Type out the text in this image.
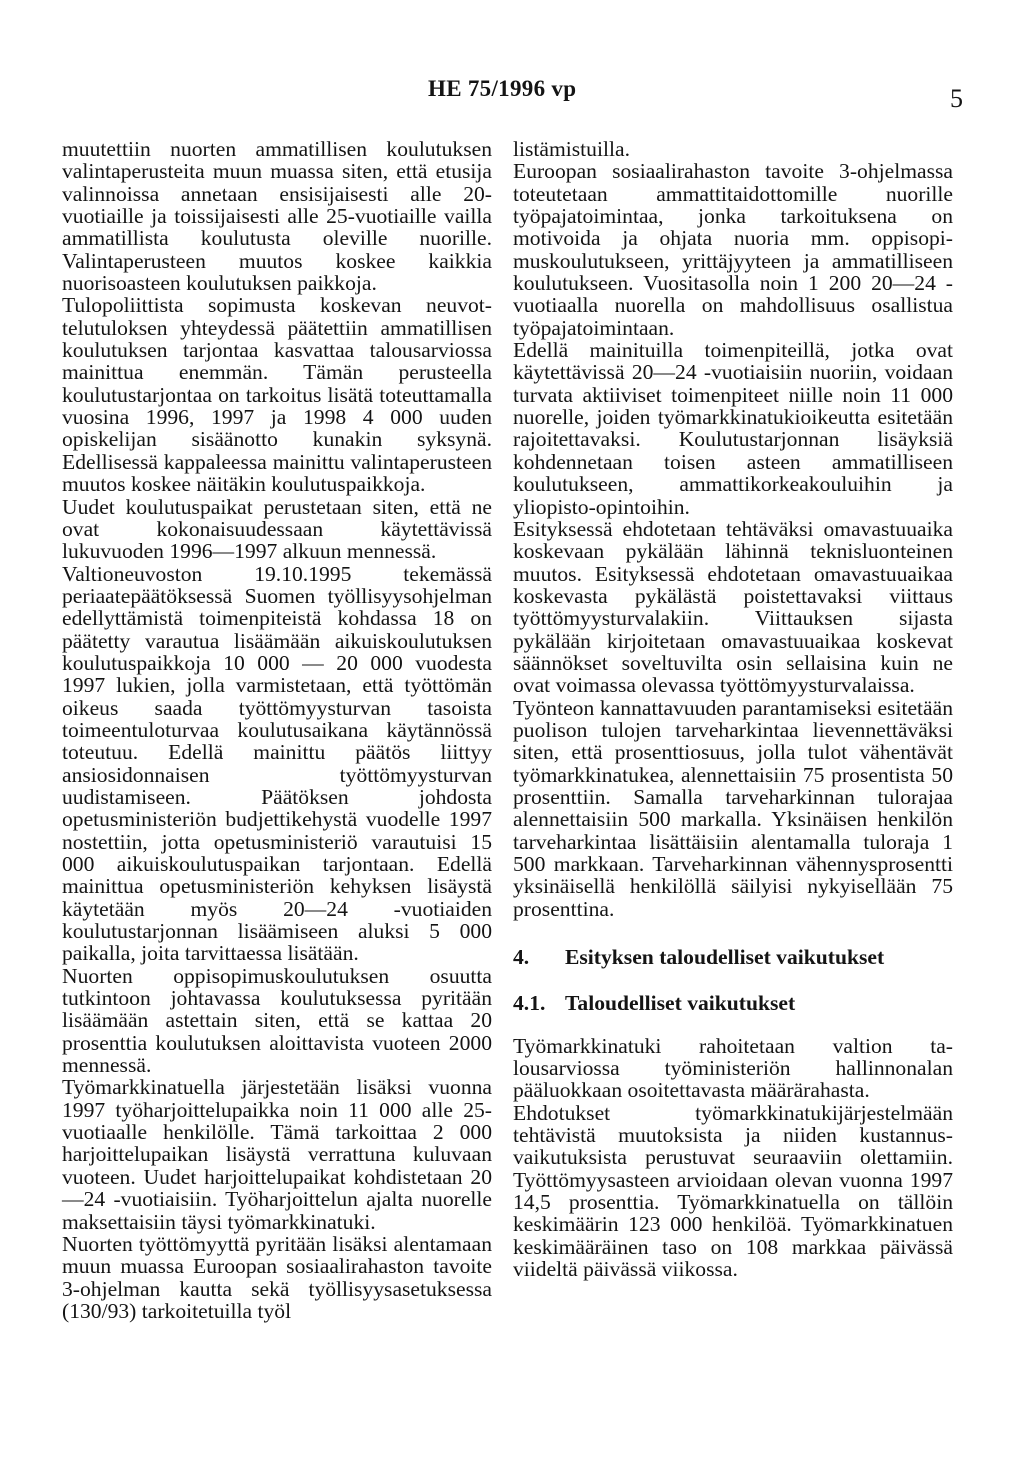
HE 75/1996 vp	5

muutettiin nuorten ammatillisen koulutuksen valintaperusteita muun muassa siten, että etusija valinnoissa annetaan ensisijaisesti alle 20-vuotiaille ja toissijaisesti alle 25-vuotiaille vailla ammatillista koulutusta oleville nuorille. Valintaperusteen muutos koskee kaikkia nuorisoasteen koulutuksen paikkoja.

Tulopoliittista sopimusta koskevan neuvottelutuloksen yhteydessä päätettiin ammatillisen koulutuksen tarjontaa kasvattaa talousarviossa mainittua enemmän. Tämän perusteella koulutustarjontaa on tarkoitus lisätä toteuttamalla vuosina 1996, 1997 ja 1998 4 000 uuden opiskelijan sisäänotto kunakin syksynä. Edellisessä kappaleessa mainittu valintaperusteen muutos koskee näitäkin koulutuspaikkoja.

Uudet koulutuspaikat perustetaan siten, että ne ovat kokonaisuudessaan käytettävissä lukuvuoden 1996—1997 alkuun mennessä.

Valtioneuvoston 19.10.1995 tekemässä periaatepäätöksessä Suomen työllisyysohjelman edellyttämistä toimenpiteistä kohdassa 18 on päätetty varautua lisäämään aikuiskoulutuksen koulutuspaikkoja 10 000 — 20 000 vuodesta 1997 lukien, jolla varmistetaan, että työttömän oikeus saada työttömyysturvan tasoista toimeentuloturvaa koulutusaikana käytännössä toteutuu. Edellä mainittu päätös liittyy ansiosidonnaisen työttömyysturvan uudistamiseen. Päätöksen johdosta opetusministeriön budjettikehystä vuodelle 1997 nostettiin, jotta opetusministeriö varautuisi 15 000 aikuiskoulutuspaikan tarjontaan. Edellä mainittua opetusministeriön kehyksen lisäystä käytetään myös 20—24 -vuotiaiden koulutustarjonnan lisäämiseen aluksi 5 000 paikalla, joita tarvittaessa lisätään.

Nuorten oppisopimuskoulutuksen osuutta tutkintoon johtavassa koulutuksessa pyritään lisäämään astettain siten, että se kattaa 20 prosenttia koulutuksen aloittavista vuoteen 2000 mennessä.

Työmarkkinatuella järjestetään lisäksi vuonna 1997 työharjoittelupaikka noin 11 000 alle 25-vuotiaalle henkilölle. Tämä tarkoittaa 2 000 harjoittelupaikan lisäystä verrattuna kuluvaan vuoteen. Uudet harjoittelupaikat kohdistetaan 20—24 -vuotiaisiin. Työharjoittelun ajalta nuorelle maksettaisiin täysi työmarkkinatuki.

Nuorten työttömyyttä pyritään lisäksi alentamaan muun muassa Euroopan sosiaalirahaston tavoite 3-ohjelman kautta sekä työllisyysasetuksessa (130/93) tarkoitetuilla työl

listämistuilla.

Euroopan sosiaalirahaston tavoite 3-ohjelmassa toteutetaan ammattitaidottomille nuorille työpajatoimintaa, jonka tarkoituksena on motivoida ja ohjata nuoria mm. oppisopimuskoulutukseen, yrittäjyyteen ja ammatilliseen koulutukseen. Vuositasolla noin 1 200 20—24 -vuotiaalla nuorella on mahdollisuus osallistua työpajatoimintaan.

Edellä mainituilla toimenpiteillä, jotka ovat käytettävissä 20—24 -vuotiaisiin nuoriin, voidaan turvata aktiiviset toimenpiteet niille noin 11 000 nuorelle, joiden työmarkkinatukioikeutta esitetään rajoitettavaksi. Koulutustarjonnan lisäyksiä kohdennetaan toisen asteen ammatilliseen koulutukseen, ammattikorkeakouluihin ja yliopisto-opintoihin.

Esityksessä ehdotetaan tehtäväksi omavastuuaika koskevaan pykälään lähinnä teknisluonteinen muutos. Esityksessä ehdotetaan omavastuuaikaa koskevasta pykälästä poistettavaksi viittaus työttömyysturvalakiin. Viittauksen sijasta pykälään kirjoitetaan omavastuuaikaa koskevat säännökset soveltuvilta osin sellaisina kuin ne ovat voimassa olevassa työttömyysturvalaissa.

Työnteon kannattavuuden parantamiseksi esitetään puolison tulojen tarveharkintaa lievennettäväksi siten, että prosenttiosuus, jolla tulot vähentävät työmarkkinatukea, alennettaisiin 75 prosentista 50 prosenttiin. Samalla tarveharkinnan tulorajaa alennettaisiin 500 markalla. Yksinäisen henkilön tarveharkintaa lisättäisiin alentamalla tuloraja 1 500 markkaan. Tarveharkinnan vähennysprosentti yksinäisellä henkilöllä säilyisi nykyisellään 75 prosenttina.

4.	Esityksen taloudelliset vaikutukset
4.1. Taloudelliset vaikutukset

Työmarkkinatuki rahoitetaan valtion talousarviossa työministeriön hallinnonalan pääluokkaan osoitettavasta määrärahasta.

Ehdotukset työmarkkinatukijärjestelmään tehtävistä muutoksista ja niiden kustannusvaikutuksista perustuvat seuraaviin olettamiin. Työttömyysasteen arvioidaan olevan vuonna 1997 14,5 prosenttia. Työmarkkinatuella on tällöin keskimäärin 123 000 henkilöä. Työmarkkinatuen keskimääräinen taso on 108 markkaa päivässä viideltä päivässä viikossa.
